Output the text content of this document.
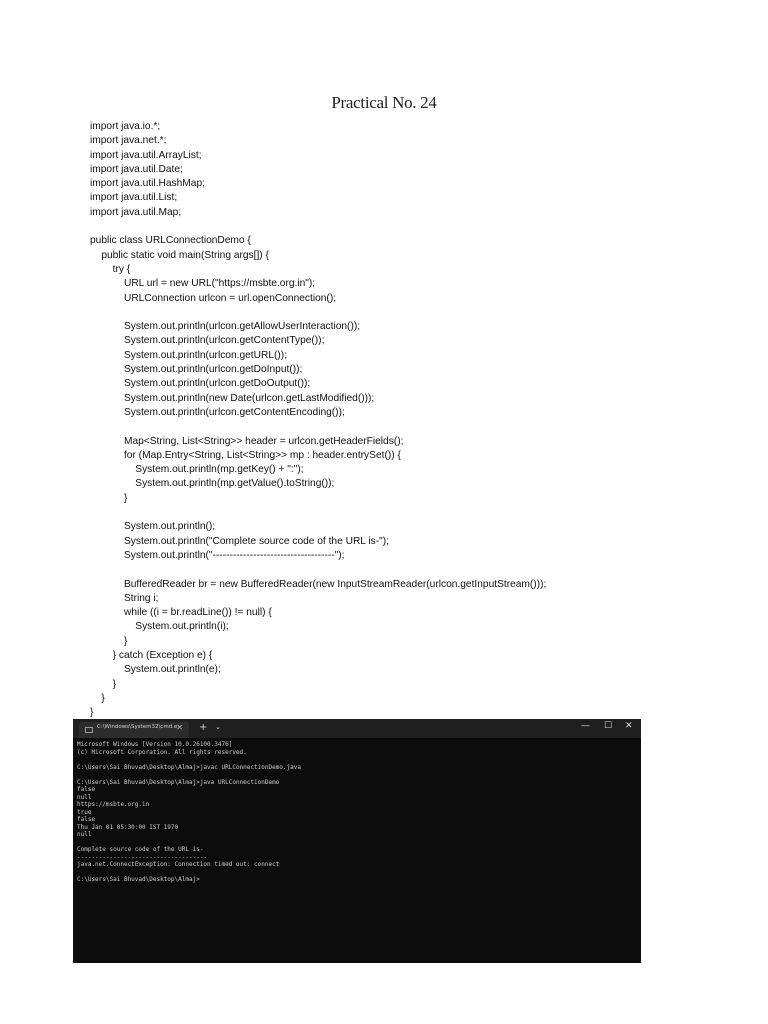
Practical No. 24
import java.io.*;
import java.net.*;
import java.util.ArrayList;
import java.util.Date;
import java.util.HashMap;
import java.util.List;
import java.util.Map;
public class URLConnectionDemo {
public static void main(String args[]) {
try {
URL url = new URL("https://msbte.org.in");
URLConnection urlcon = url.openConnection();
System.out.println(urlcon.getAllowUserInteraction());
System.out.println(urlcon.getContentType());
System.out.println(urlcon.getURL());
System.out.println(urlcon.getDoInput());
System.out.println(urlcon.getDoOutput());
System.out.println(new Date(urlcon.getLastModified()));
System.out.println(urlcon.getContentEncoding());
Map<String, List<String>> header = urlcon.getHeaderFields();
for (Map.Entry<String, List<String>> mp : header.entrySet()) {
System.out.println(mp.getKey() + ":");
System.out.println(mp.getValue().toString());
}
System.out.println();
System.out.println("Complete source code of the URL is-");
System.out.println("------------------------------------");
BufferedReader br = new BufferedReader(new InputStreamReader(urlcon.getInputStream()));
String i;
while ((i = br.readLine()) != null) {
System.out.println(i);
}
} catch (Exception e) {
System.out.println(e);
}
}
}
C:\Windows\System32\cmd.e
✕ + ⌄	— ☐ ✕
Microsoft Windows [Version 10.0.26100.3476]
(c) Microsoft Corporation. All rights reserved.
C:\Users\Sai Bhuvad\Desktop\Almaj>javac URLConnectionDemo.java
C:\Users\Sai Bhuvad\Desktop\Almaj>java URLConnectionDemo
false
null
https://msbte.org.in
true
false
Thu Jan 01 05:30:00 IST 1970
null
Complete source code of the URL is-
------------------------------------
java.net.ConnectException: Connection timed out: connect
C:\Users\Sai Bhuvad\Desktop\Almaj>
